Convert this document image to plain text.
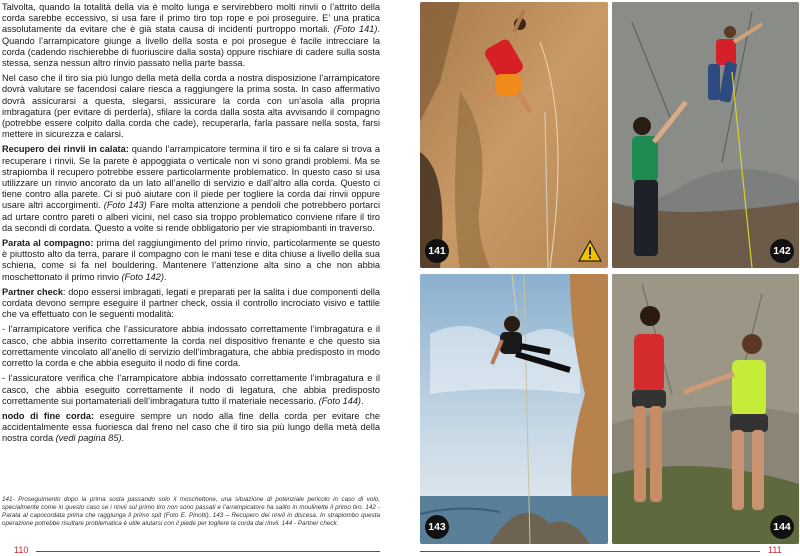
Talvolta, quando la totalità della via è molto lunga e servirebbero molti rinvii o l’attrito della corda sarebbe eccessivo, si usa fare il primo tiro top rope e poi proseguire. E’ una pratica assolutamente da evitare che è già stata causa di incidenti purtroppo mortali. (Foto 141). Quando l’arrampicatore giunge a livello della sosta e poi prosegue è facile intrecciare la corda (cadendo rischierebbe di fuoriuscire dalla sosta) oppure rischiare di cadere sulla sosta stessa, senza nessun altro rinvio passato nella parte bassa.

Nel caso che il tiro sia più lungo della metà della corda a nostra disposizione l’arrampicatore dovrà valutare se facendosi calare riesca a raggiungere la prima sosta. In caso affermativo dovrà assicurarsi a questa, slegarsi, assicurare la corda con un’asola alla propria imbragatura (per evitare di perderla), sfilare la corda dalla sosta alta avvisando il compagno (potrebbe essere colpito dalla corda che cade), recuperarla, farla passare nella sosta, farsi mettere in sicurezza e calarsi.

Recupero dei rinvii in calata: quando l’arrampicatore termina il tiro e si fa calare si trova a recuperare i rinvii. Se la parete è appoggiata o verticale non vi sono grandi problemi. Ma se strapiomba il recupero potrebbe essere particolarmente problematico. In questo caso si usa utilizzare un rinvio ancorato da un lato all’anello di servizio e dall’altro alla corda. Questo ci tiene contro alla parete. Ci si può aiutare con il piede per togliere la corda dai rinvii oppure usare altri accorgimenti. (Foto 143) Fare molta attenzione a pendoli che potrebbero portarci ad urtare contro pareti o alberi vicini, nel caso sia troppo problematico conviene rifare il tiro da secondi di cordata. Questo a volte si rende obbligatorio per vie strapiombanti in traverso.

Parata al compagno: prima del raggiungimento del primo rinvio, particolarmente se questo è piuttosto alto da terra, parare il compagno con le mani tese e dita chiuse a livello della sua schiena, come si fa nel bouldering. Mantenere l’attenzione alta sino a che non abbia moschettonato il primo rinvio (Foto 142).

Partner check: dopo essersi imbragati, legati e preparati per la salita i due componenti della cordata devono sempre eseguire il partner check, ossia il controllo incrociato visivo e tattile che va effettuato con le seguenti modalità:

- l’arrampicatore verifica che l’assicuratore abbia indossato correttamente l’imbragatura e il casco, che abbia inserito correttamente la corda nel dispositivo frenante e che questo sia correttamente vincolato all’anello di servizio dell’imbragatura, che abbia predisposto in modo corretto la corda e che abbia eseguito il nodo di fine corda.

- l’assicuratore verifica che l’arrampicatore abbia indossato correttamente l’imbragatura e il casco, che abbia eseguito correttamente il nodo di legatura, che abbia predisposto correttamente sui portamateriali dell’imbragatura tutto il materiale necessario. (Foto 144).

nodo di fine corda: eseguire sempre un nodo alla fine della corda per evitare che accidentalmente essa fuoriesca dal freno nel caso che il tiro sia più lungo della metà della nostra corda (vedi pagina 85).

141- Proseguimento dopo la prima sosta passando solo il moschettone, una situazione di potenziale pericolo in caso di volo, specialmente come in questo caso se i rinvii sul primo tiro non sono passati e l’arrampicatore ha salito in moulinette il primo tiro. 142 - Parata al capocordata prima che raggiunga il primo spit (Foto E. Pinotti). 143 – Recupero dei rinvii in discesa. In strapiombo questa operazione potrebbe risultare problematica è utile aiutarsi con il piede per togliere la corda dai rinvii. 144 - Partner check.
110	111
141	142
143	144
